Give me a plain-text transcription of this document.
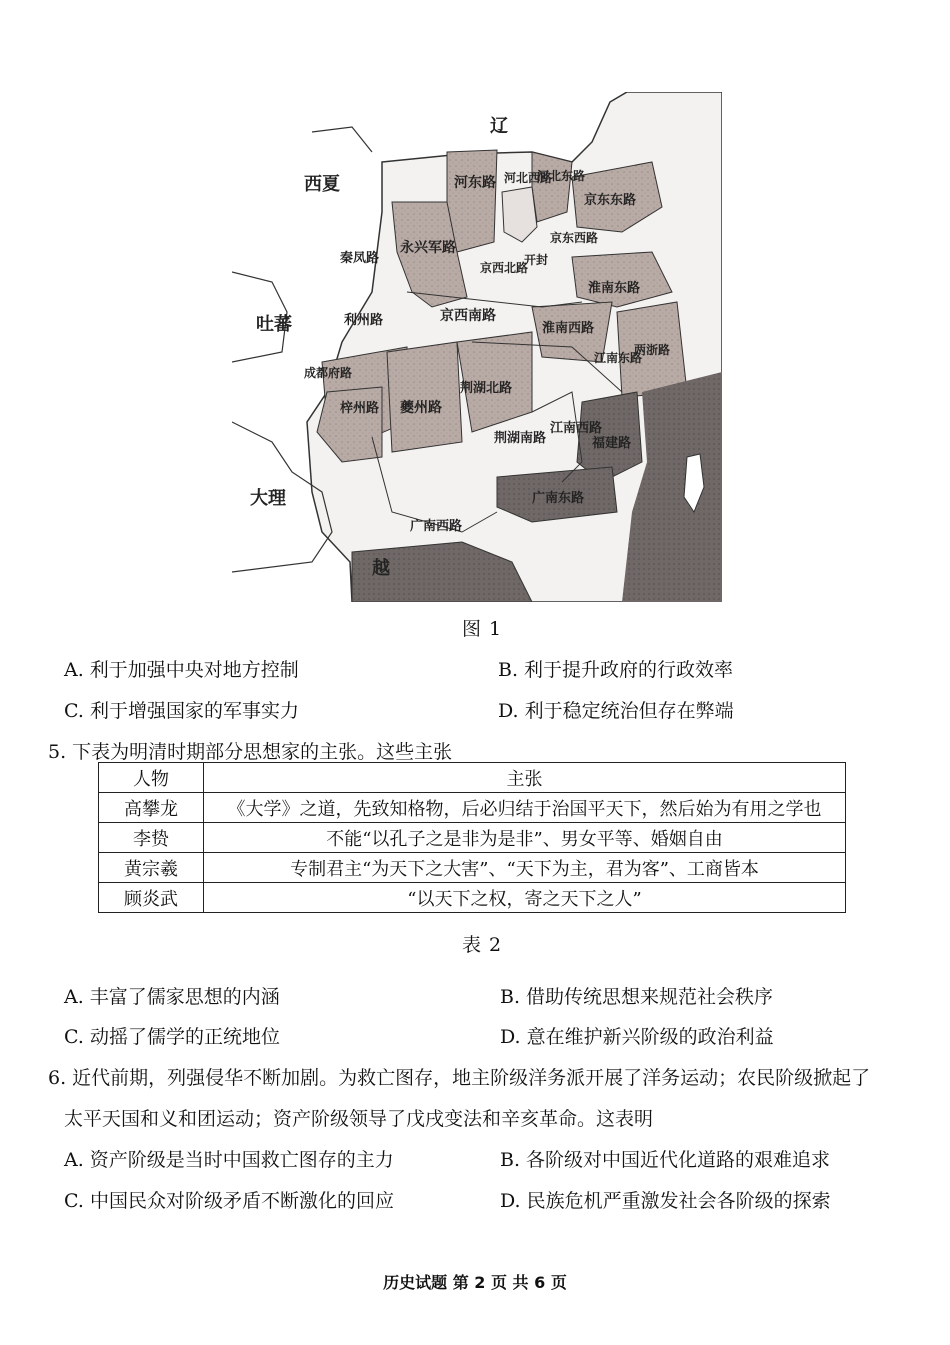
辽
西夏
吐蕃
大理
越
河东路 河北西路
河北东路
京东东路
京东西路
开封
永兴军路
秦凤路
京西北路
淮南东路
利州路	京西南路
淮南西路
江南东路
两浙路
成都府路
梓州路 夔州路
荆湖北路
荆湖南路
江南西路
福建路
广南东路
广南西路
图 1
A. 利于加强中央对地方控制	B. 利于提升政府的行政效率
C. 利于增强国家的军事实力	D. 利于稳定统治但存在弊端
5. 下表为明清时期部分思想家的主张。这些主张
人物	主张
高攀龙	《大学》之道，先致知格物，后必归结于治国平天下，然后始为有用之学也
李贽	不能“以孔子之是非为是非”、男女平等、婚姻自由
黄宗羲	专制君主“为天下之大害”、“天下为主，君为客”、工商皆本
顾炎武	“以天下之权，寄之天下之人”
表 2
A. 丰富了儒家思想的内涵	B. 借助传统思想来规范社会秩序
C. 动摇了儒学的正统地位	D. 意在维护新兴阶级的政治利益
6. 近代前期，列强侵华不断加剧。为救亡图存，地主阶级洋务派开展了洋务运动；农民阶级掀起了
太平天国和义和团运动；资产阶级领导了戊戌变法和辛亥革命。这表明
A. 资产阶级是当时中国救亡图存的主力	B. 各阶级对中国近代化道路的艰难追求
C. 中国民众对阶级矛盾不断激化的回应	D. 民族危机严重激发社会各阶级的探索
历史试题 第 2 页 共 6 页
